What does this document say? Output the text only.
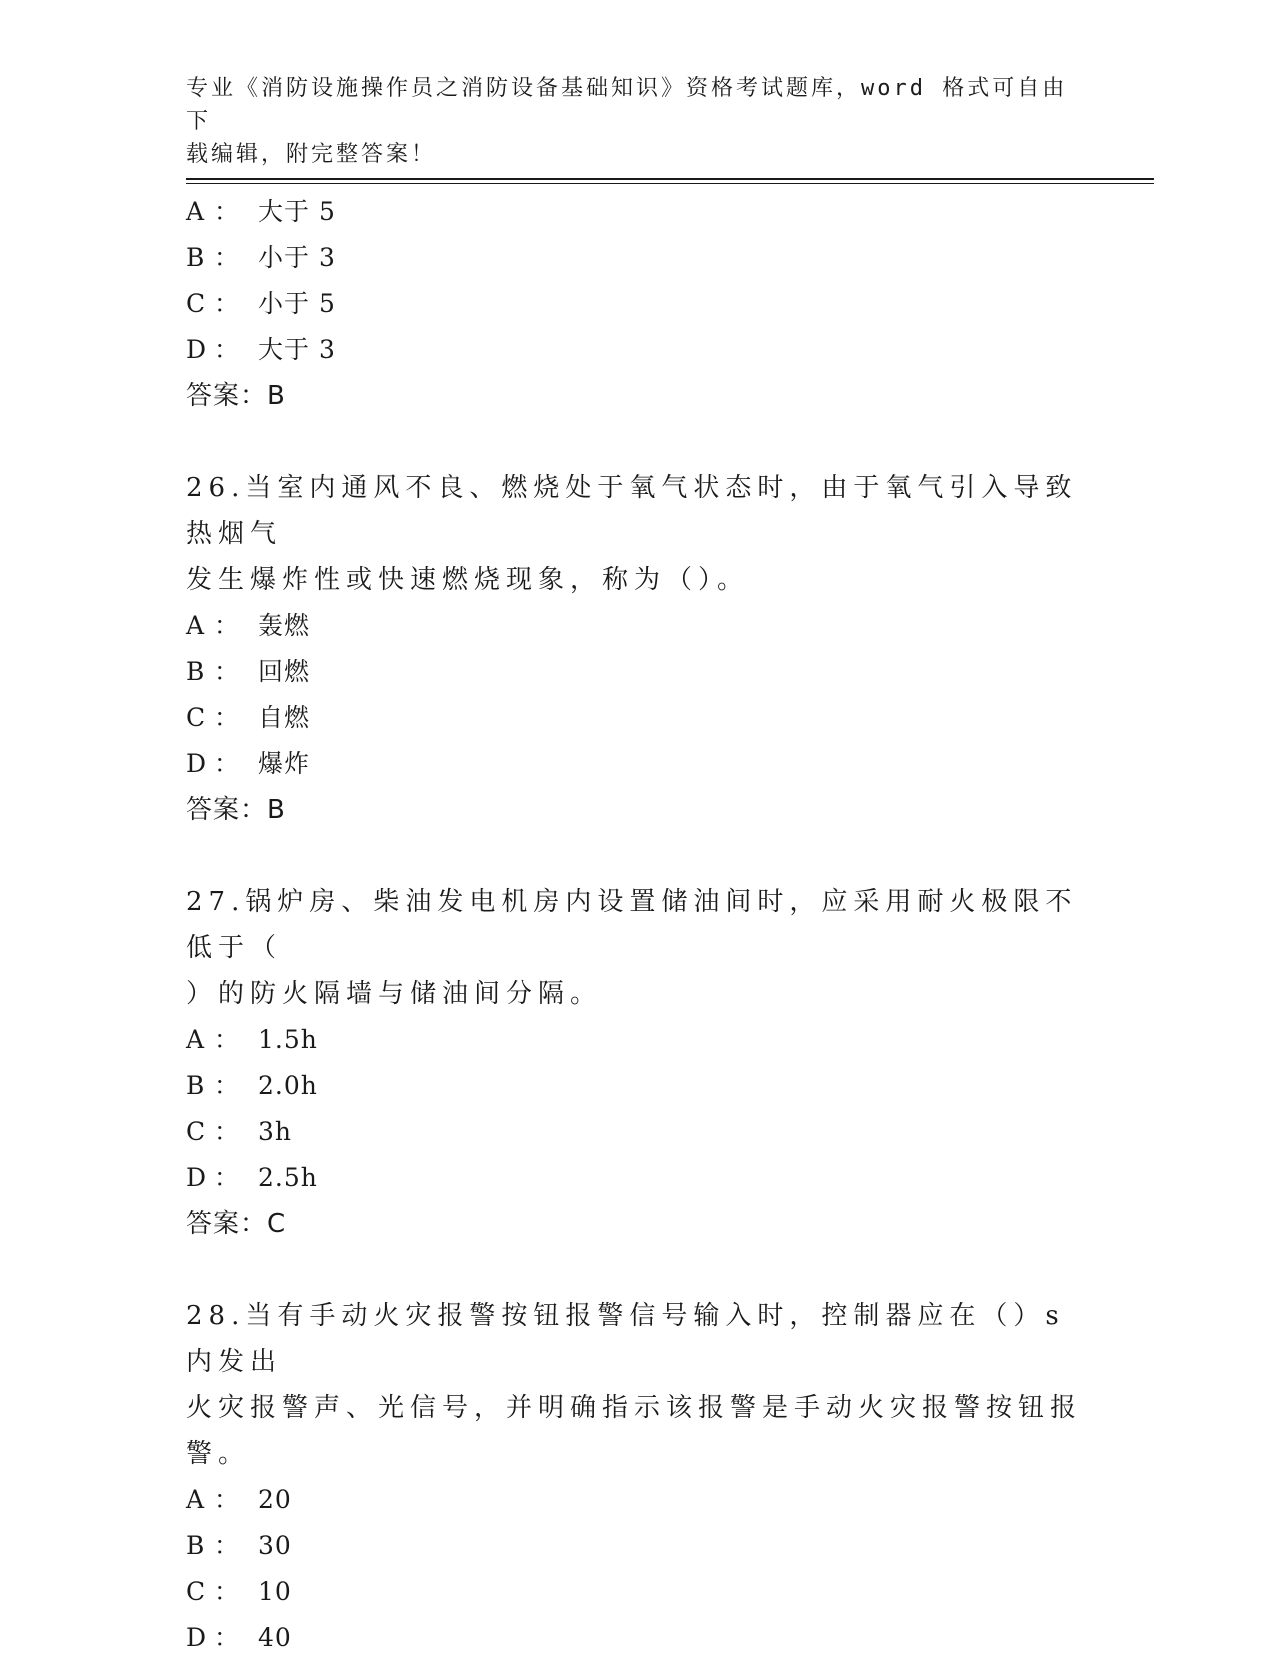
专业《消防设施操作员之消防设备基础知识》资格考试题库，word 格式可自由下
载编辑，附完整答案！
A ： 大于 5
B ： 小于 3
C ： 小于 5
D ： 大于 3
答案：B
26.当室内通风不良、燃烧处于氧气状态时，由于氧气引入导致热烟气
发生爆炸性或快速燃烧现象，称为（）。
A ： 轰燃
B ： 回燃
C ： 自燃
D ： 爆炸
答案：B
27.锅炉房、柴油发电机房内设置储油间时，应采用耐火极限不低于（
）的防火隔墙与储油间分隔。
A ： 1.5h
B ： 2.0h
C ： 3h
D ： 2.5h
答案：C
28.当有手动火灾报警按钮报警信号输入时，控制器应在（）s 内发出
火灾报警声、光信号，并明确指示该报警是手动火灾报警按钮报警。
A ： 20
B ： 30
C ： 10
D ： 40
